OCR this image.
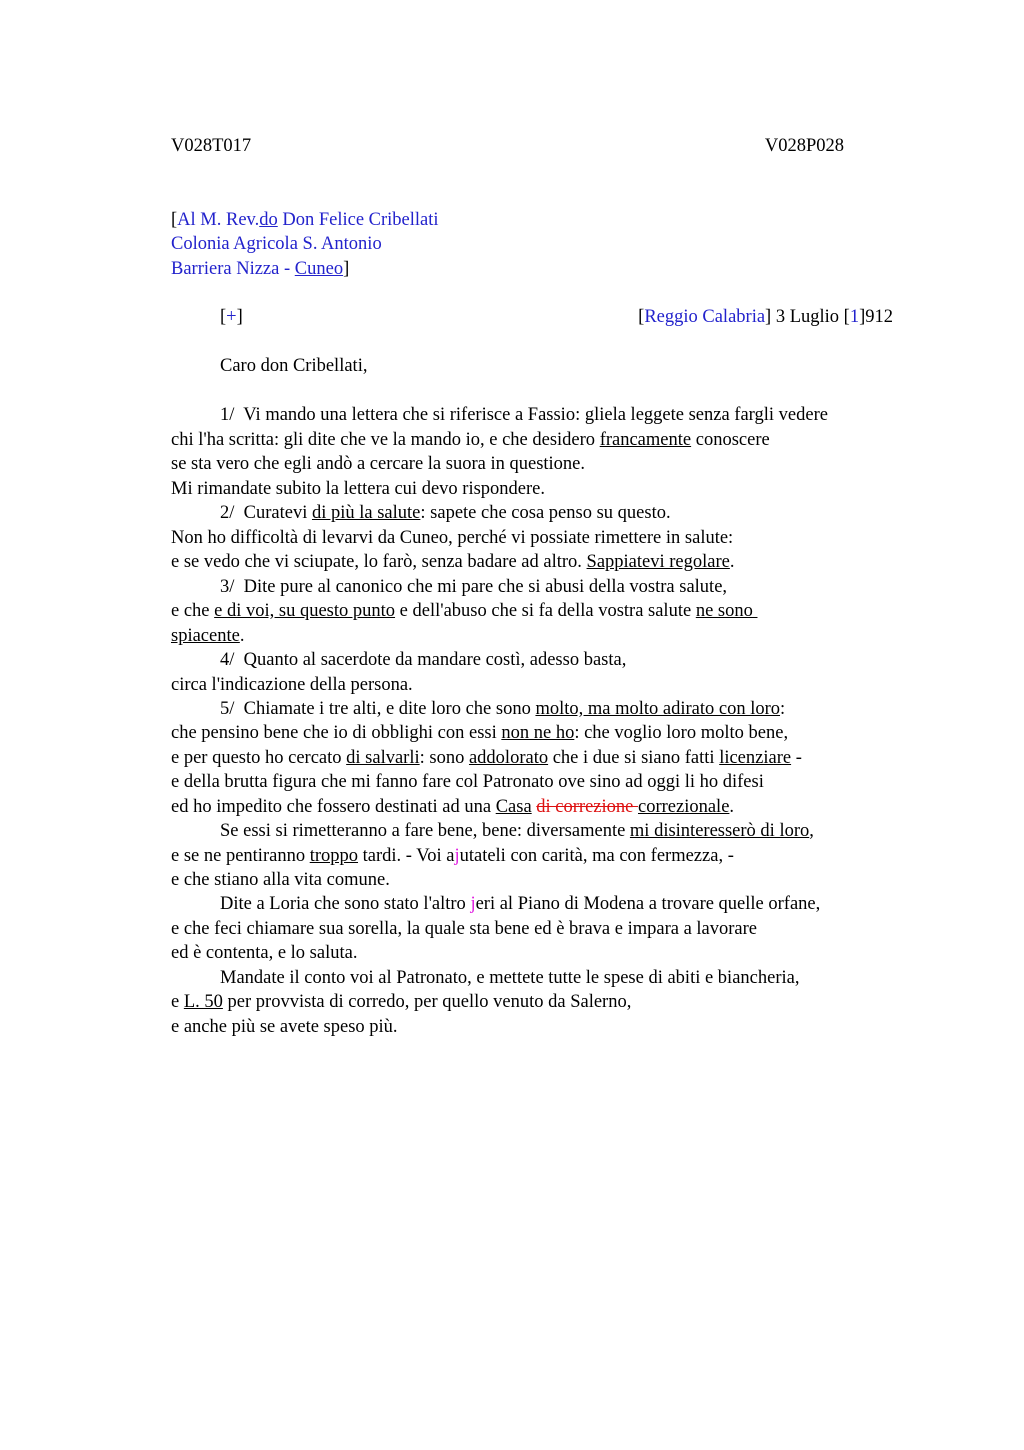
V028T017	V028P028
[Al M. Rev.do Don Felice Cribellati
Colonia Agricola S. Antonio
Barriera Nizza - Cuneo]
[+]	[Reggio Calabria] 3 Luglio [1]912
Caro don Cribellati,
1/  Vi mando una lettera che si riferisce a Fassio: gliela leggete senza fargli vedere
chi l'ha scritta: gli dite che ve la mando io, e che desidero francamente conoscere
se sta vero che egli andò a cercare la suora in questione.
Mi rimandate subito la lettera cui devo rispondere.
2/  Curatevi di più la salute: sapete che cosa penso su questo.
Non ho difficoltà di levarvi da Cuneo, perché vi possiate rimettere in salute:
e se vedo che vi sciupate, lo farò, senza badare ad altro. Sappiatevi regolare.
3/  Dite pure al canonico che mi pare che si abusi della vostra salute,
e che e di voi, su questo punto e dell'abuso che si fa della vostra salute ne sono
spiacente.
4/  Quanto al sacerdote da mandare costì, adesso basta,
circa l'indicazione della persona.
5/  Chiamate i tre alti, e dite loro che sono molto, ma molto adirato con loro:
che pensino bene che io di obblighi con essi non ne ho: che voglio loro molto bene,
e per questo ho cercato di salvarli: sono addolorato che i due si siano fatti licenziare -
e della brutta figura che mi fanno fare col Patronato ove sino ad oggi li ho difesi
ed ho impedito che fossero destinati ad una Casa di correzione correzionale.
Se essi si rimetteranno a fare bene, bene: diversamente mi disinteresserò di loro,
e se ne pentiranno troppo tardi. - Voi ajutateli con carità, ma con fermezza, -
e che stiano alla vita comune.
Dite a Loria che sono stato l'altro jeri al Piano di Modena a trovare quelle orfane,
e che feci chiamare sua sorella, la quale sta bene ed è brava e impara a lavorare
ed è contenta, e lo saluta.
Mandate il conto voi al Patronato, e mettete tutte le spese di abiti e biancheria,
e L. 50 per provvista di corredo, per quello venuto da Salerno,
e anche più se avete speso più.
